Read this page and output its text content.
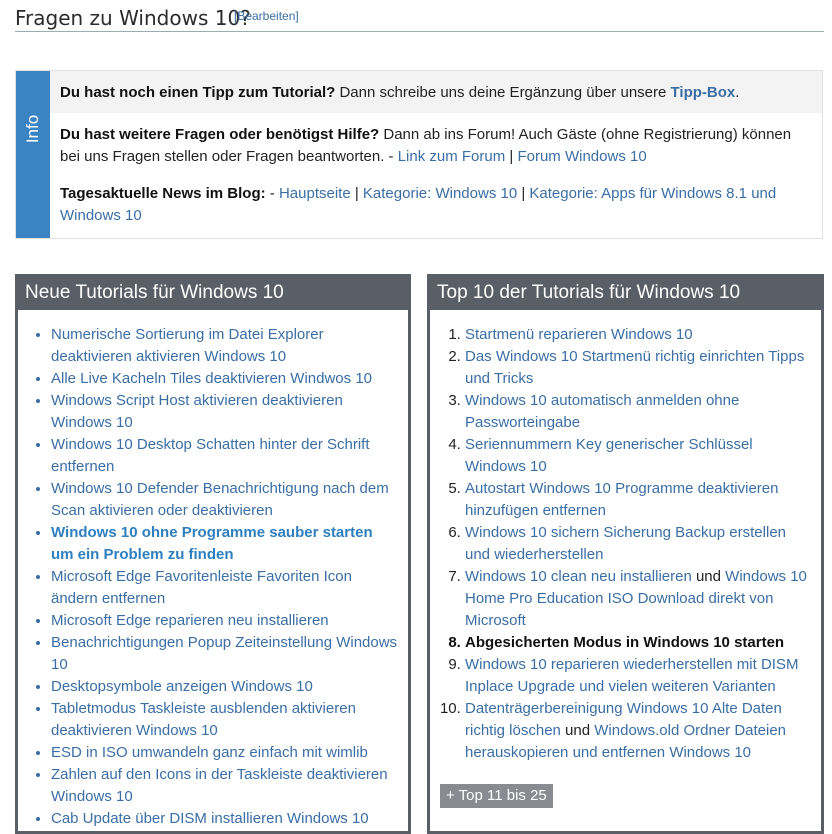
Fragen zu Windows 10?
[Bearbeiten]
Info
Du hast noch einen Tipp zum Tutorial? Dann schreibe uns deine Ergänzung über unsere Tipp-Box.
Du hast weitere Fragen oder benötigst Hilfe? Dann ab ins Forum! Auch Gäste (ohne Registrierung) können bei uns Fragen stellen oder Fragen beantworten. - Link zum Forum | Forum Windows 10
Tagesaktuelle News im Blog: - Hauptseite | Kategorie: Windows 10 | Kategorie: Apps für Windows 8.1 und Windows 10
Neue Tutorials für Windows 10
• Numerische Sortierung im Datei Explorer deaktivieren aktivieren Windows 10
• Alle Live Kacheln Tiles deaktivieren Windwos 10
• Windows Script Host aktivieren deaktivieren Windows 10
• Windows 10 Desktop Schatten hinter der Schrift entfernen
• Windows 10 Defender Benachrichtigung nach dem Scan aktivieren oder deaktivieren
• Windows 10 ohne Programme sauber starten um ein Problem zu finden
• Microsoft Edge Favoritenleiste Favoriten Icon ändern entfernen
• Microsoft Edge reparieren neu installieren
• Benachrichtigungen Popup Zeiteinstellung Windows 10
• Desktopsymbole anzeigen Windows 10
• Tabletmodus Taskleiste ausblenden aktivieren deaktivieren Windows 10
• ESD in ISO umwandeln ganz einfach mit wimlib
• Zahlen auf den Icons in der Taskleiste deaktivieren Windows 10
• Cab Update über DISM installieren Windows 10
Top 10 der Tutorials für Windows 10
1. Startmenü reparieren Windows 10
2. Das Windows 10 Startmenü richtig einrichten Tipps und Tricks
3. Windows 10 automatisch anmelden ohne Passworteingabe
4. Seriennummern Key generischer Schlüssel Windows 10
5. Autostart Windows 10 Programme deaktivieren hinzufügen entfernen
6. Windows 10 sichern Sicherung Backup erstellen und wiederherstellen
7. Windows 10 clean neu installieren und Windows 10 Home Pro Education ISO Download direkt von Microsoft
8. Abgesicherten Modus in Windows 10 starten
9. Windows 10 reparieren wiederherstellen mit DISM Inplace Upgrade und vielen weiteren Varianten
10. Datenträgerbereinigung Windows 10 Alte Daten richtig löschen und Windows.old Ordner Dateien herauskopieren und entfernen Windows 10
+ Top 11 bis 25
